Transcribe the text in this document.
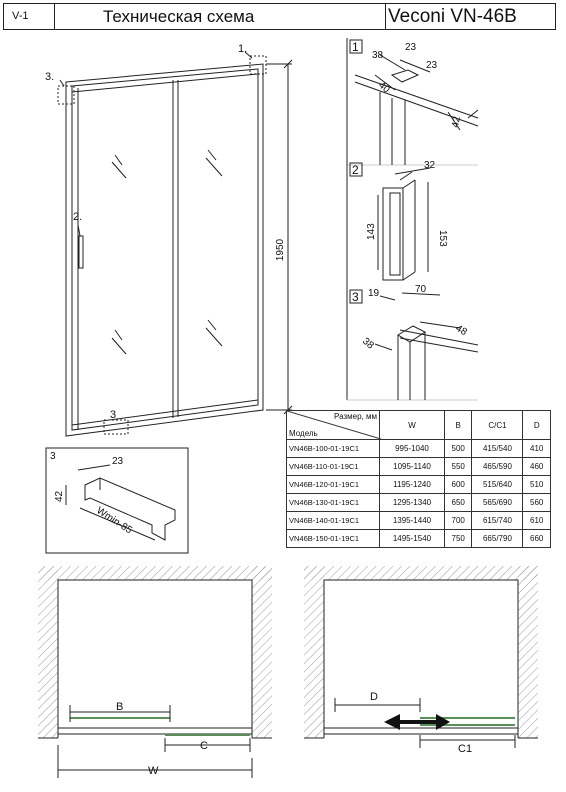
V-1	Техническая схема	Veconi VN-46B
1.
3.
2.
3
1950
1
38
23
23
40
42
2	32
143	153
3 19	70
38
48
3	23
42
Wmin-85
B
C
W
D
C1
Размер, мм
Модель	W	B	C/C1	D
VN46B-100-01-19C1	995-1040	500	415/540	410
VN46B-110-01-19C1	1095-1140	550	465/590	460
VN46B-120-01-19C1	1195-1240	600	515/640	510
VN46B-130-01-19C1	1295-1340	650	565/690	560
VN46B-140-01-19C1	1395-1440	700	615/740	610
VN46B-150-01-19C1	1495-1540	750	665/790	660
